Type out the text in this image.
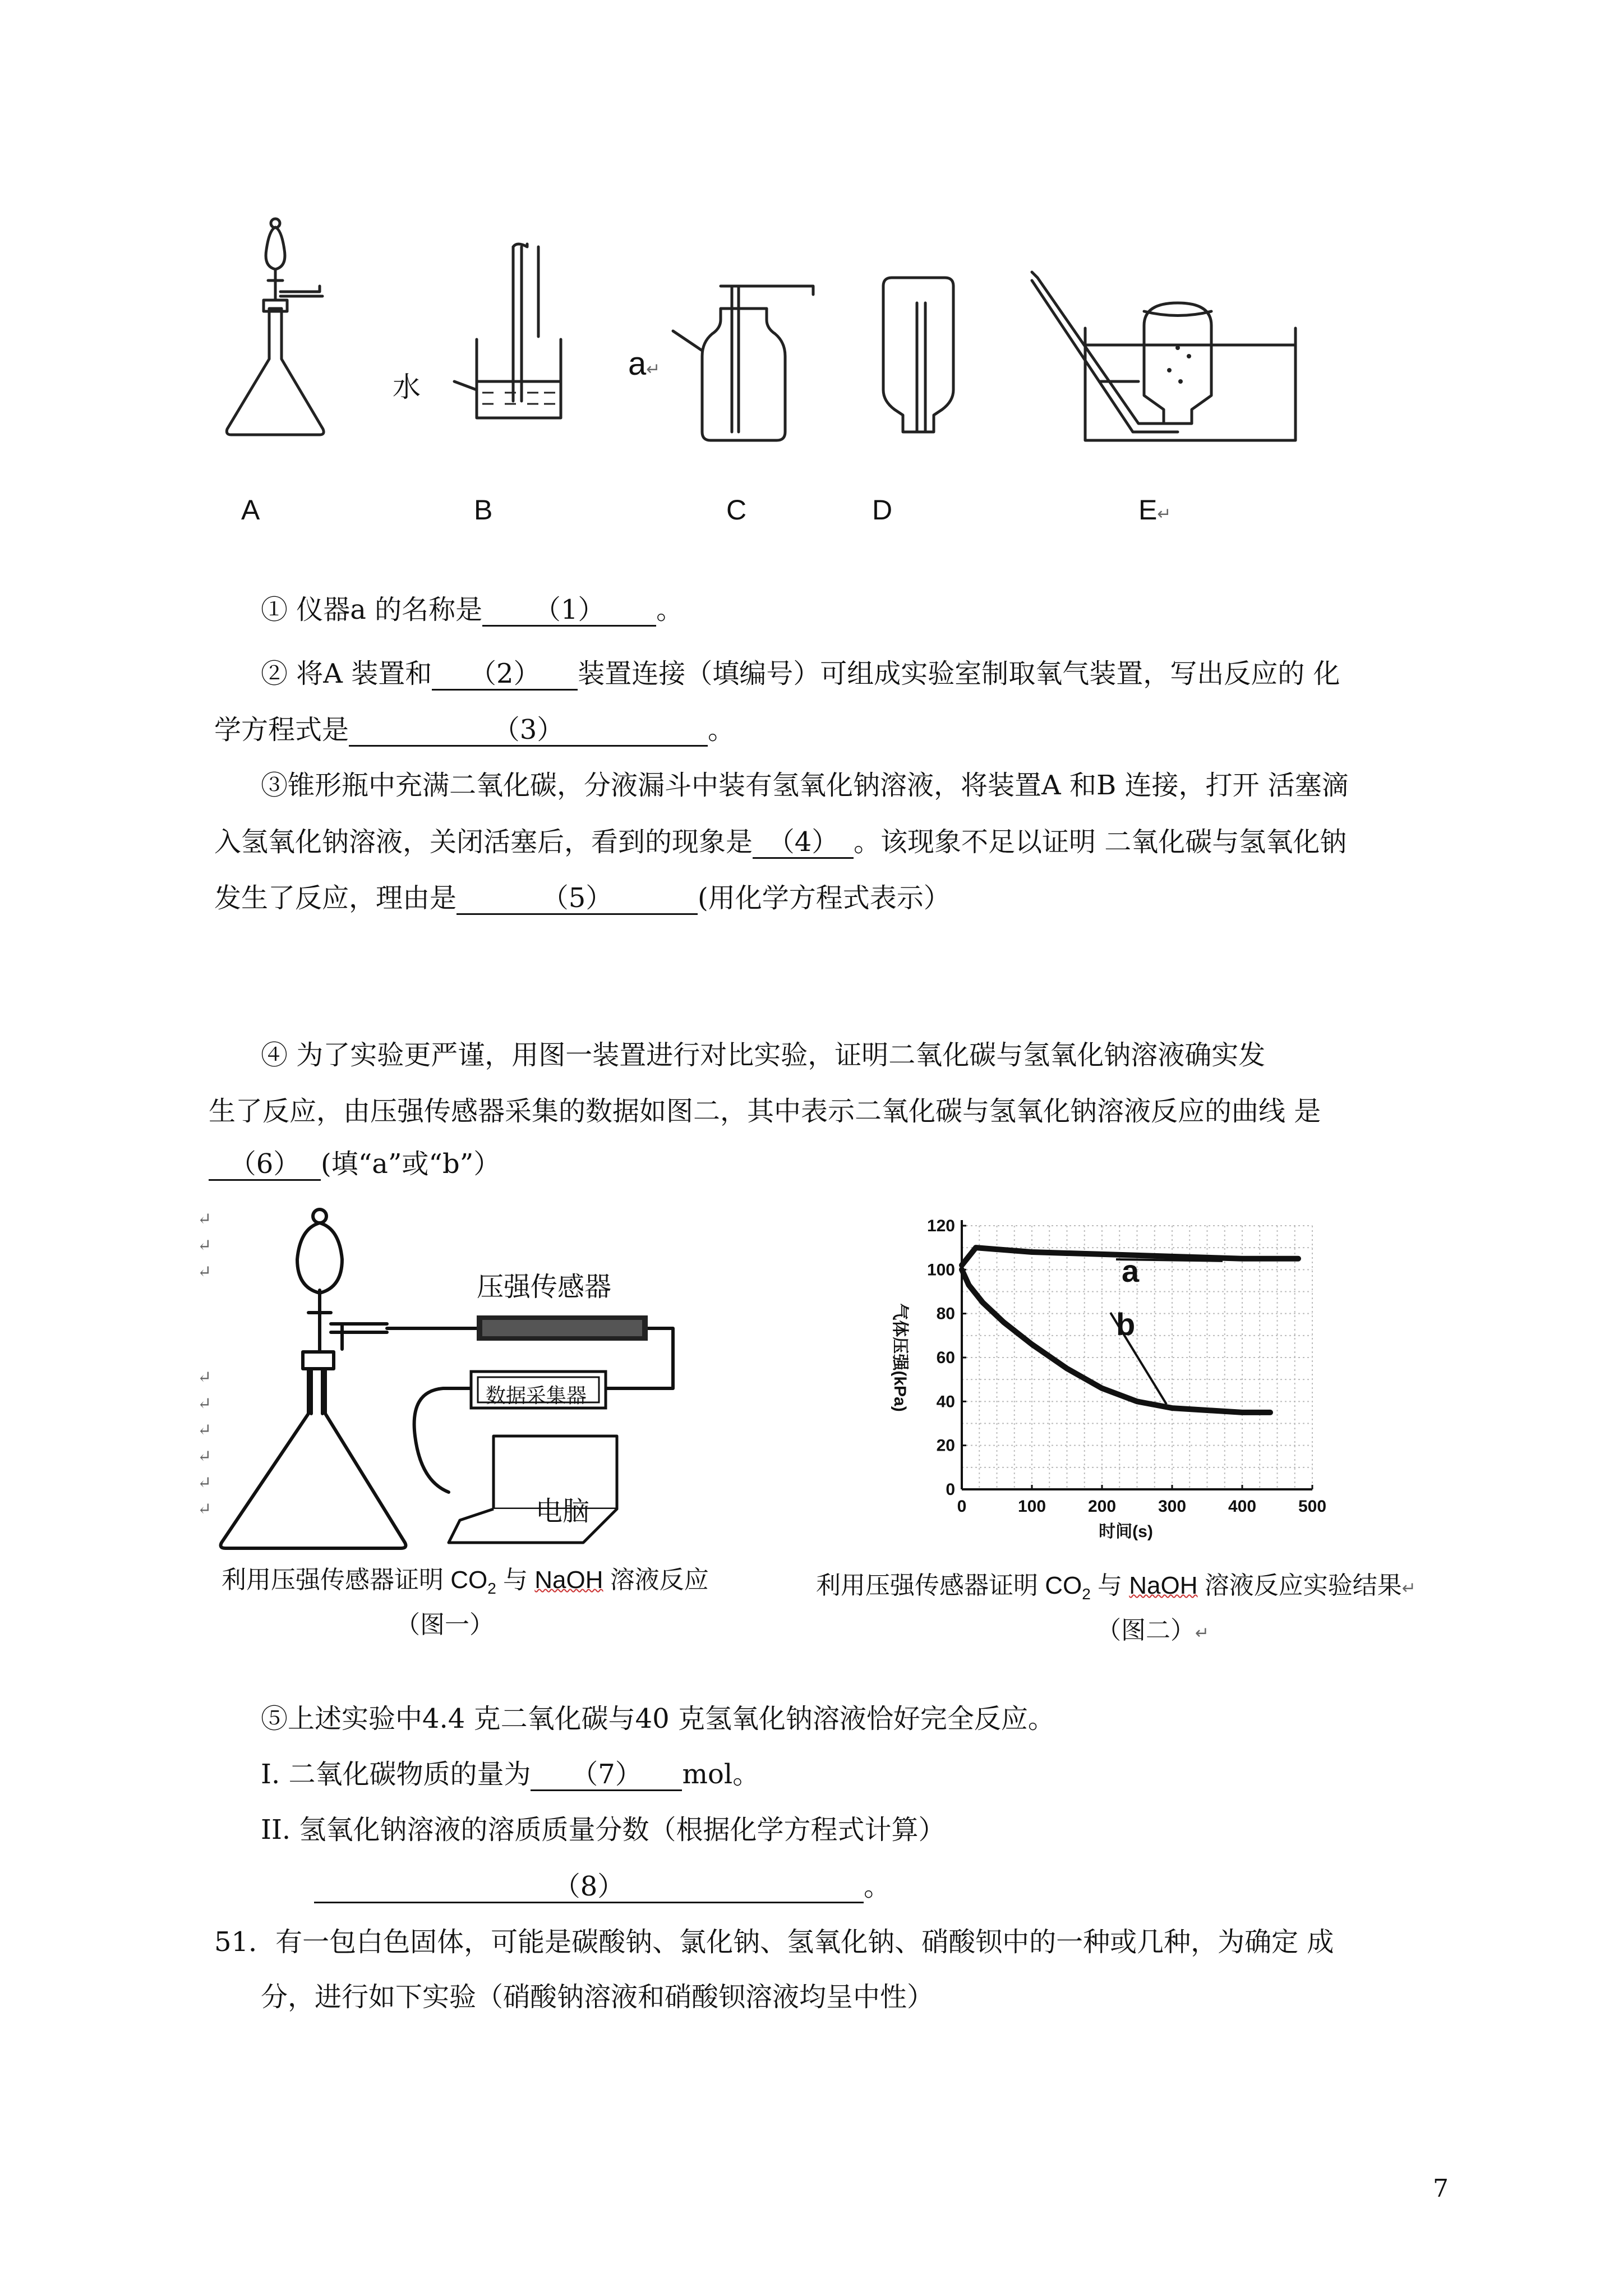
水
a↵
A	B	C	D	E↵
① 仪器a 的名称是 （1） 。
② 将A 装置和 （2） 装置连接（填编号）可组成实验室制取氧气装置，写出反应的 化
学方程式是	（3）	。
③锥形瓶中充满二氧化碳，分液漏斗中装有氢氧化钠溶液，将装置A 和B 连接，打开 活塞滴
入氢氧化钠溶液，关闭活塞后，看到的现象是 （4） 。该现象不足以证明 二氧化碳与氢氧化钠
发生了反应，理由是	（5）	(用化学方程式表示）
④ 为了实验更严谨，用图一装置进行对比实验，证明二氧化碳与氢氧化钠溶液确实发
生了反应，由压强传感器采集的数据如图二，其中表示二氧化碳与氢氧化钠溶液反应的曲线 是
（6） (填“a”或“b”）
↵
↵
↵

↵
↵
↵
↵
↵
↵
压强传感器
数据采集器
电脑
利用压强传感器证明 $CO_2$ 与 NaOH 溶液反应
（图一）
0	100 200 300 400 500
0
20
40
60
80
100
120
a
b
时间(s)
气体压强(kPa)
利用压强传感器证明 $CO_2$ 与 NaOH 溶液反应实验结果↵
（图二）↵
⑤上述实验中4.4 克二氧化碳与40 克氢氧化钠溶液恰好完全反应。
I. 二氧化碳物质的量为 （7） mol。
II. 氢氧化钠溶液的溶质质量分数（根据化学方程式计算）
（8）	。
51．有一包白色固体，可能是碳酸钠、氯化钠、氢氧化钠、硝酸钡中的一种或几种，为确定 成
分，进行如下实验（硝酸钠溶液和硝酸钡溶液均呈中性）
7
